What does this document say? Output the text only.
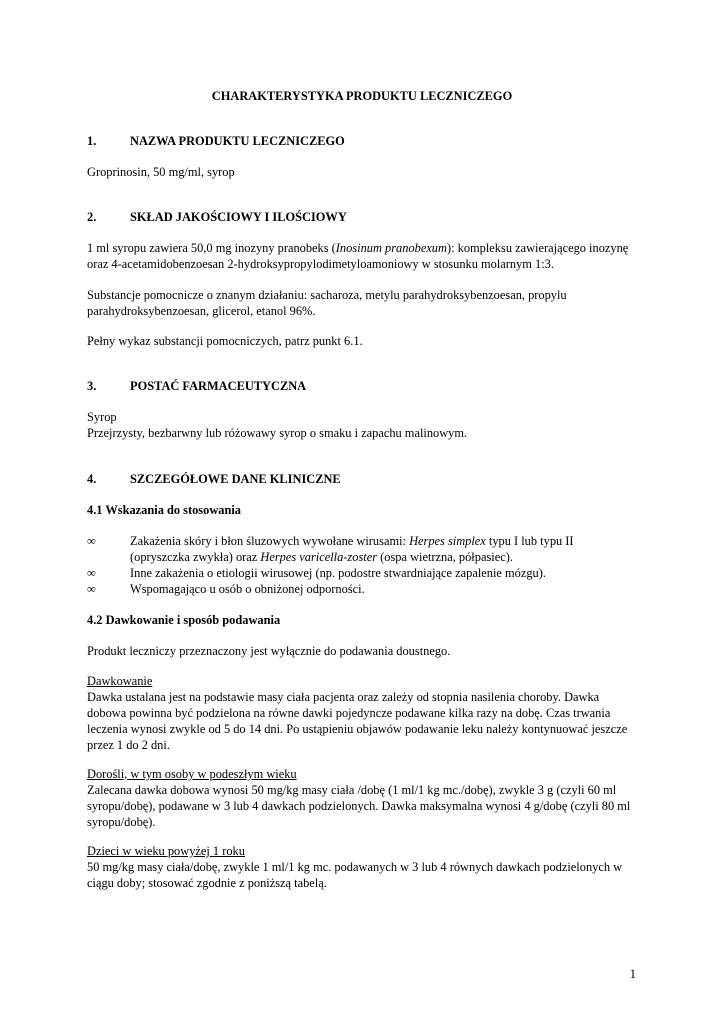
CHARAKTERYSTYKA PRODUKTU LECZNICZEGO

1.	NAZWA PRODUKTU LECZNICZEGO

Groprinosin, 50 mg/ml, syrop

2.	SKŁAD JAKOŚCIOWY I ILOŚCIOWY

1 ml syropu zawiera 50,0 mg inozyny pranobeks (Inosinum pranobexum): kompleksu zawierającego inozynę oraz 4-acetamidobenzoesan 2-hydroksypropylodimetyloamoniowy w stosunku molarnym 1:3.

Substancje pomocnicze o znanym działaniu: sacharoza, metylu parahydroksybenzoesan, propylu parahydroksybenzoesan, glicerol, etanol 96%.

Pełny wykaz substancji pomocniczych, patrz punkt 6.1.

3.	POSTAĆ FARMACEUTYCZNA

Syrop

Przejrzysty, bezbarwny lub różowawy syrop o smaku i zapachu malinowym.

4.	SZCZEGÓŁOWE DANE KLINICZNE

4.1 Wskazania do stosowania

∞	Zakażenia skóry i błon śluzowych wywołane wirusami: Herpes simplex typu I lub typu II (opryszczka zwykła) oraz Herpes varicella-zoster (ospa wietrzna, półpasiec).

∞	Inne zakażenia o etiologii wirusowej (np. podostre stwardniające zapalenie mózgu).

∞	Wspomagająco u osób o obniżonej odporności.

4.2 Dawkowanie i sposób podawania

Produkt leczniczy przeznaczony jest wyłącznie do podawania doustnego.

Dawkowanie

Dawka ustalana jest na podstawie masy ciała pacjenta oraz zależy od stopnia nasilenia choroby. Dawka dobowa powinna być podzielona na równe dawki pojedyncze podawane kilka razy na dobę. Czas trwania leczenia wynosi zwykle od 5 do 14 dni. Po ustąpieniu objawów podawanie leku należy kontynuować jeszcze przez 1 do 2 dni.

Dorośli, w tym osoby w podeszłym wieku

Zalecana dawka dobowa wynosi 50 mg/kg masy ciała /dobę (1 ml/1 kg mc./dobę), zwykle 3 g (czyli 60 ml syropu/dobę), podawane w 3 lub 4 dawkach podzielonych. Dawka maksymalna wynosi 4 g/dobę (czyli 80 ml syropu/dobę).

Dzieci w wieku powyżej 1 roku

50 mg/kg masy ciała/dobę, zwykle 1 ml/1 kg mc. podawanych w 3 lub 4 równych dawkach podzielonych w ciągu doby; stosować zgodnie z poniższą tabelą.

1
